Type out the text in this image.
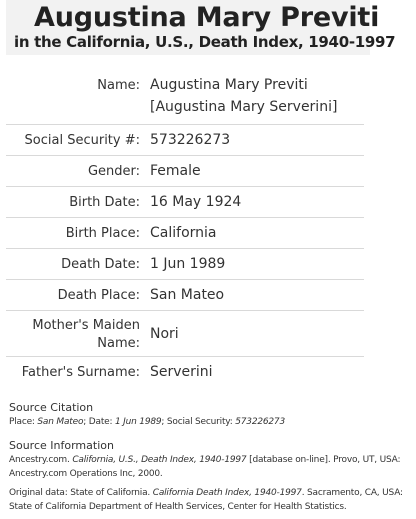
Augustina Mary Previti
in the California, U.S., Death Index, 1940-1997
Name: Augustina Mary Previti
[Augustina Mary Serverini]
Social Security #: 573226273
Gender: Female
Birth Date: 16 May 1924
Birth Place: California
Death Date: 1 Jun 1989
Death Place: San Mateo
Mother's Maiden
Name:
Nori
Father's Surname: Serverini
Source Citation
Place: San Mateo; Date: 1 Jun 1989; Social Security: 573226273
Source Information
Ancestry.com. California, U.S., Death Index, 1940-1997 [database on-line]. Provo, UT, USA: Ancestry.com Operations Inc, 2000.
Original data: State of California. California Death Index, 1940-1997. Sacramento, CA, USA: State of California Department of Health Services, Center for Health Statistics.
